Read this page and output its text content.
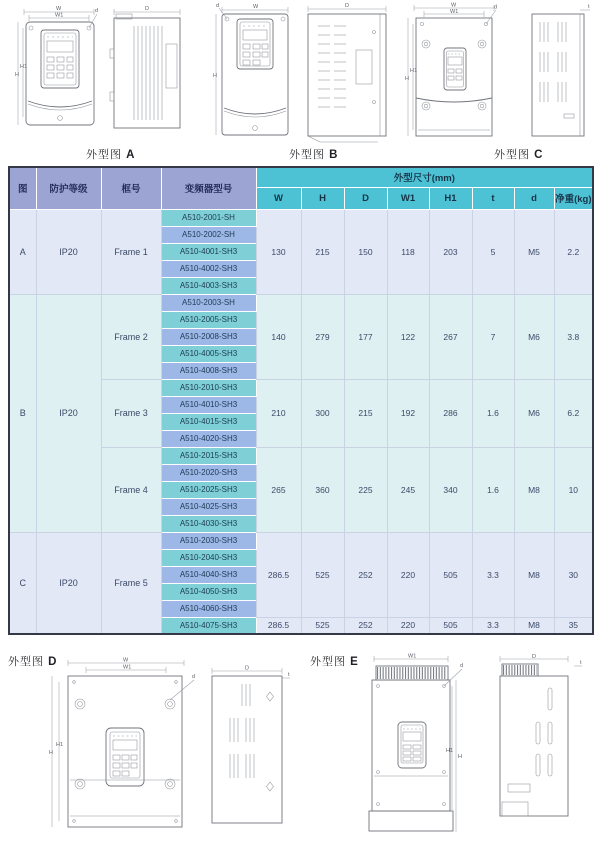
W
W1
H
H1
d	D	W
d
H
D	W
W1
H
H1
d	t
外型图 A	外型图 B	外型图 C
图	防护等级	框号	变频器型号	外型尺寸(mm)							
				W	H	D	W1	H1	t	d	净重(kg)
A	IP20	Frame 1	A510-2001-SH	130	215	150	118	203	5	M5	2.2
			A510-2002-SH								
			A510-4001-SH3								
			A510-4002-SH3								
			A510-4003-SH3								
B	IP20	Frame 2	A510-2003-SH	140	279	177	122	267	7	M6	3.8
			A510-2005-SH3								
			A510-2008-SH3								
			A510-4005-SH3								
			A510-4008-SH3								
		Frame 3	A510-2010-SH3	210	300	215	192	286	1.6	M6	6.2
			A510-4010-SH3								
			A510-4015-SH3								
			A510-4020-SH3								
		Frame 4	A510-2015-SH3	265	360	225	245	340	1.6	M8	10
			A510-2020-SH3								
			A510-2025-SH3								
			A510-4025-SH3								
			A510-4030-SH3								
C	IP20	Frame 5	A510-2030-SH3	286.5	525	252	220	505	3.3	M8	30
			A510-2040-SH3								
			A510-4040-SH3								
			A510-4050-SH3								
			A510-4060-SH3								
			A510-4075-SH3	286.5	525	252	220	505	3.3	M8	35
外型图 D	外型图 E
W
W1
H
H1
d
D
t
W1
d
H
H1
D
t
